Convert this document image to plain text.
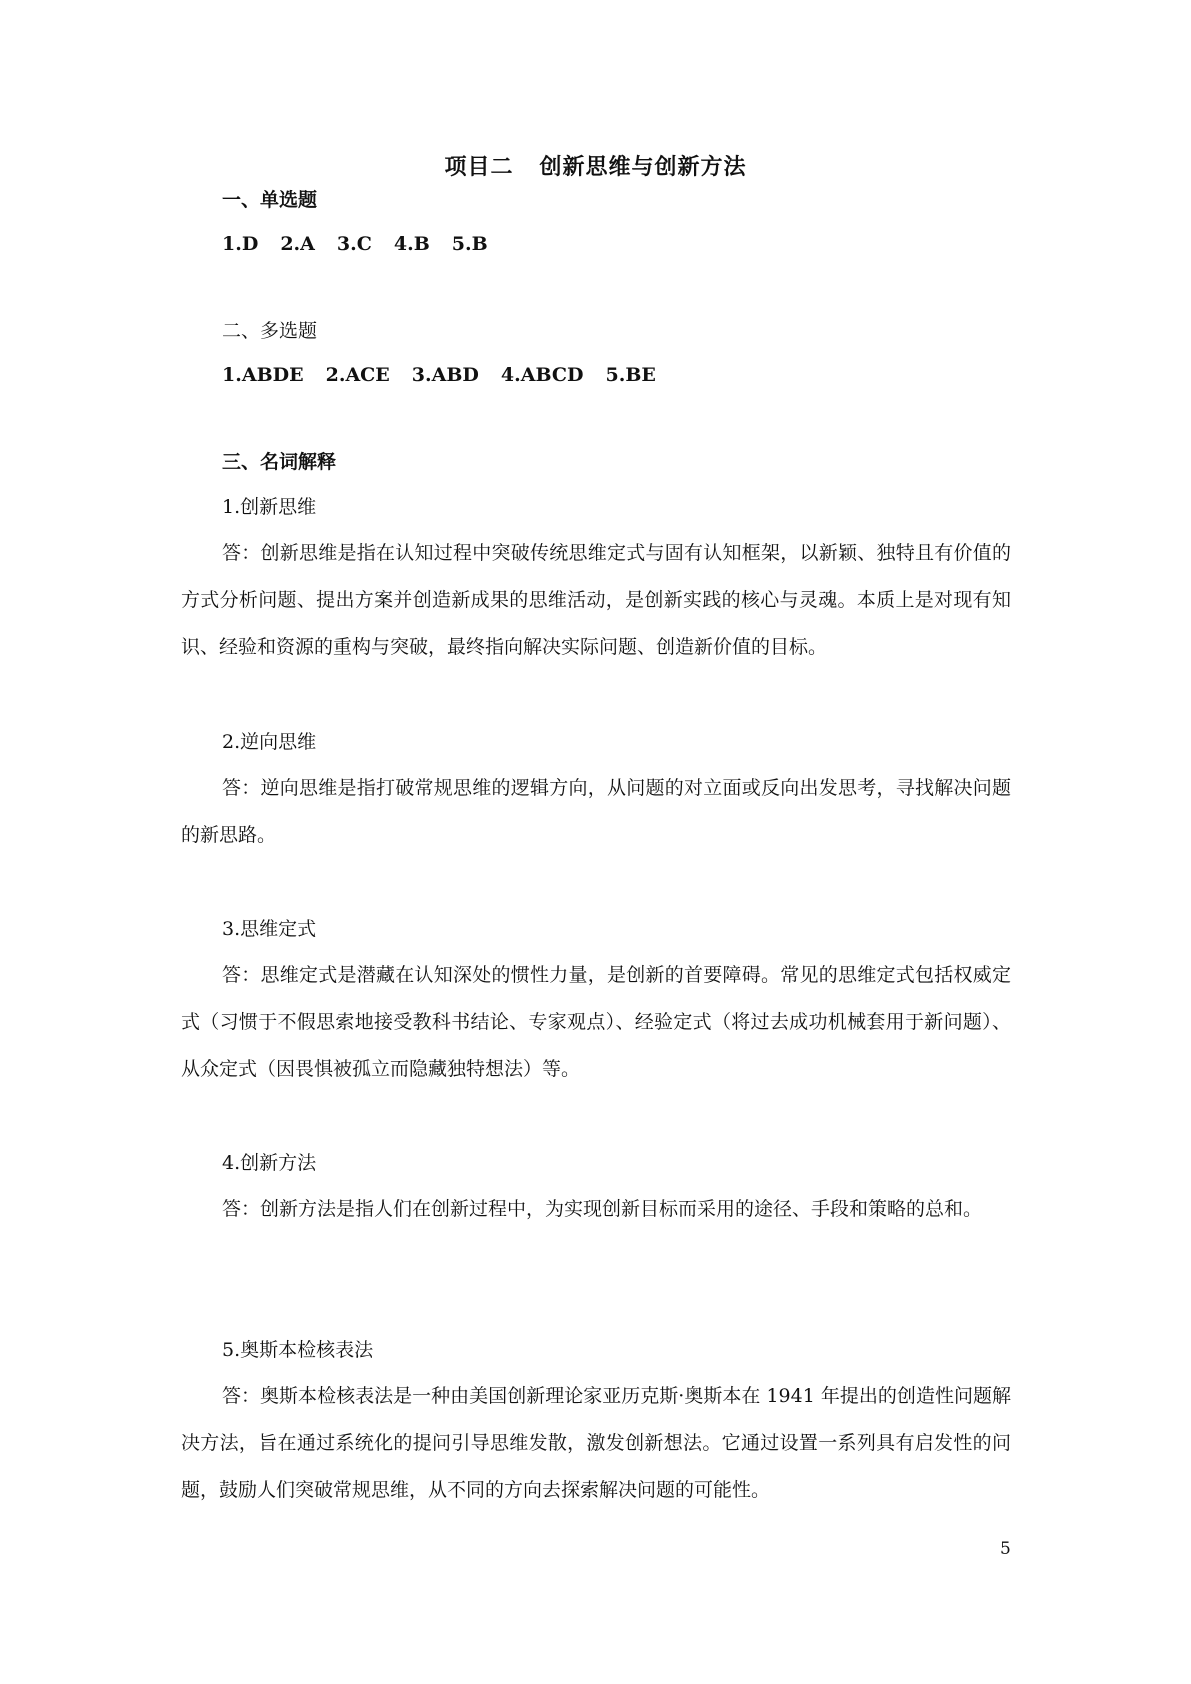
项目二 创新思维与创新方法
一、单选题
1.D 2.A 3.C 4.B 5.B
二、多选题
1.ABDE 2.ACE 3.ABD 4.ABCD 5.BE
三、名词解释
1.创新思维
答：创新思维是指在认知过程中突破传统思维定式与固有认知框架，以新颖、独特且有价值的方式分析问题、提出方案并创造新成果的思维活动，是创新实践的核心与灵魂。本质上是对现有知识、经验和资源的重构与突破，最终指向解决实际问题、创造新价值的目标。
2.逆向思维
答：逆向思维是指打破常规思维的逻辑方向，从问题的对立面或反向出发思考，寻找解决问题的新思路。
3.思维定式
答：思维定式是潜藏在认知深处的惯性力量，是创新的首要障碍。常见的思维定式包括权威定式（习惯于不假思索地接受教科书结论、专家观点）、经验定式（将过去成功机械套用于新问题）、从众定式（因畏惧被孤立而隐藏独特想法）等。
4.创新方法
答：创新方法是指人们在创新过程中，为实现创新目标而采用的途径、手段和策略的总和。
5.奥斯本检核表法
答：奥斯本检核表法是一种由美国创新理论家亚历克斯·奥斯本在 1941 年提出的创造性问题解决方法，旨在通过系统化的提问引导思维发散，激发创新想法。它通过设置一系列具有启发性的问题，鼓励人们突破常规思维，从不同的方向去探索解决问题的可能性。
5
